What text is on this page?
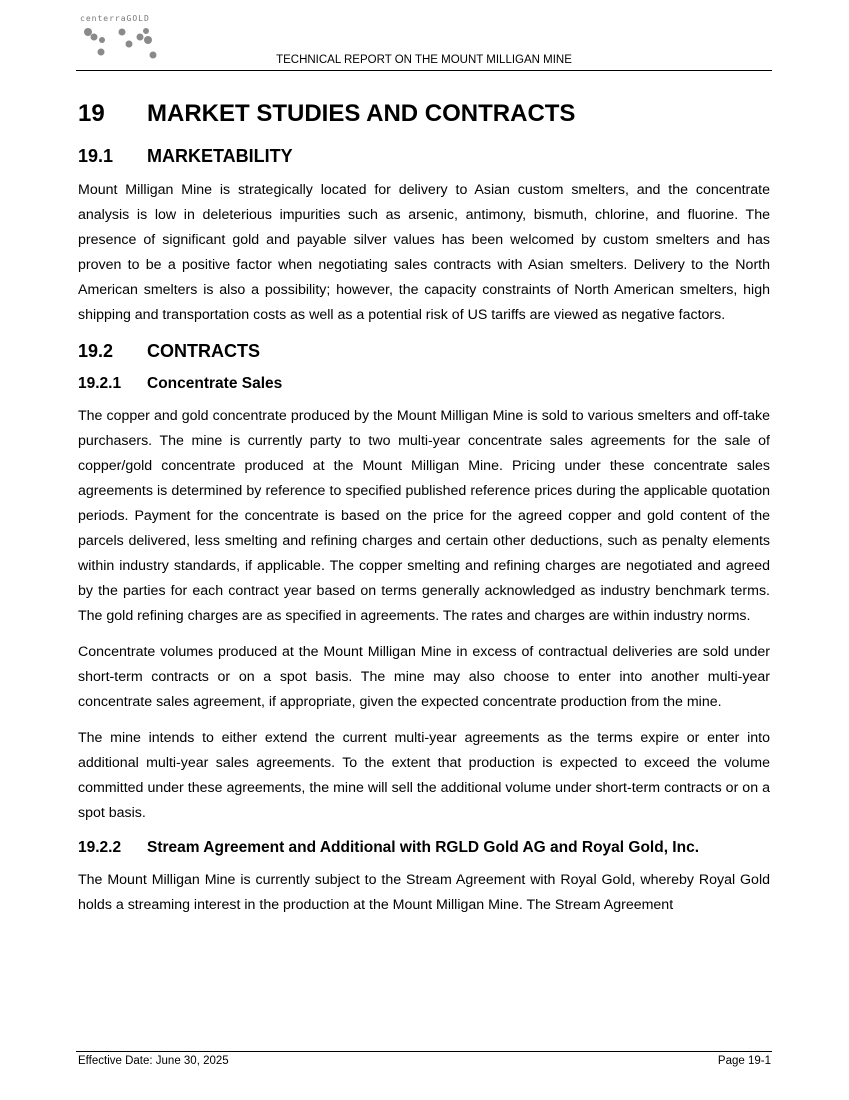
centerraGOLD
TECHNICAL REPORT ON THE MOUNT MILLIGAN MINE
19	MARKET STUDIES AND CONTRACTS
19.1	MARKETABILITY

Mount Milligan Mine is strategically located for delivery to Asian custom smelters, and the concentrate analysis is low in deleterious impurities such as arsenic, antimony, bismuth, chlorine, and fluorine. The presence of significant gold and payable silver values has been welcomed by custom smelters and has proven to be a positive factor when negotiating sales contracts with Asian smelters. Delivery to the North American smelters is also a possibility; however, the capacity constraints of North American smelters, high shipping and transportation costs as well as a potential risk of US tariffs are viewed as negative factors.

19.2	CONTRACTS
19.2.1	Concentrate Sales

The copper and gold concentrate produced by the Mount Milligan Mine is sold to various smelters and off-take purchasers. The mine is currently party to two multi-year concentrate sales agreements for the sale of copper/gold concentrate produced at the Mount Milligan Mine. Pricing under these concentrate sales agreements is determined by reference to specified published reference prices during the applicable quotation periods. Payment for the concentrate is based on the price for the agreed copper and gold content of the parcels delivered, less smelting and refining charges and certain other deductions, such as penalty elements within industry standards, if applicable. The copper smelting and refining charges are negotiated and agreed by the parties for each contract year based on terms generally acknowledged as industry benchmark terms. The gold refining charges are as specified in agreements. The rates and charges are within industry norms.

Concentrate volumes produced at the Mount Milligan Mine in excess of contractual deliveries are sold under short-term contracts or on a spot basis. The mine may also choose to enter into another multi-year concentrate sales agreement, if appropriate, given the expected concentrate production from the mine.

The mine intends to either extend the current multi-year agreements as the terms expire or enter into additional multi-year sales agreements. To the extent that production is expected to exceed the volume committed under these agreements, the mine will sell the additional volume under short-term contracts or on a spot basis.

19.2.2	Stream Agreement and Additional with RGLD Gold AG and Royal Gold, Inc.

The Mount Milligan Mine is currently subject to the Stream Agreement with Royal Gold, whereby Royal Gold holds a streaming interest in the production at the Mount Milligan Mine. The Stream Agreement

Effective Date: June 30, 2025	Page 19-1
